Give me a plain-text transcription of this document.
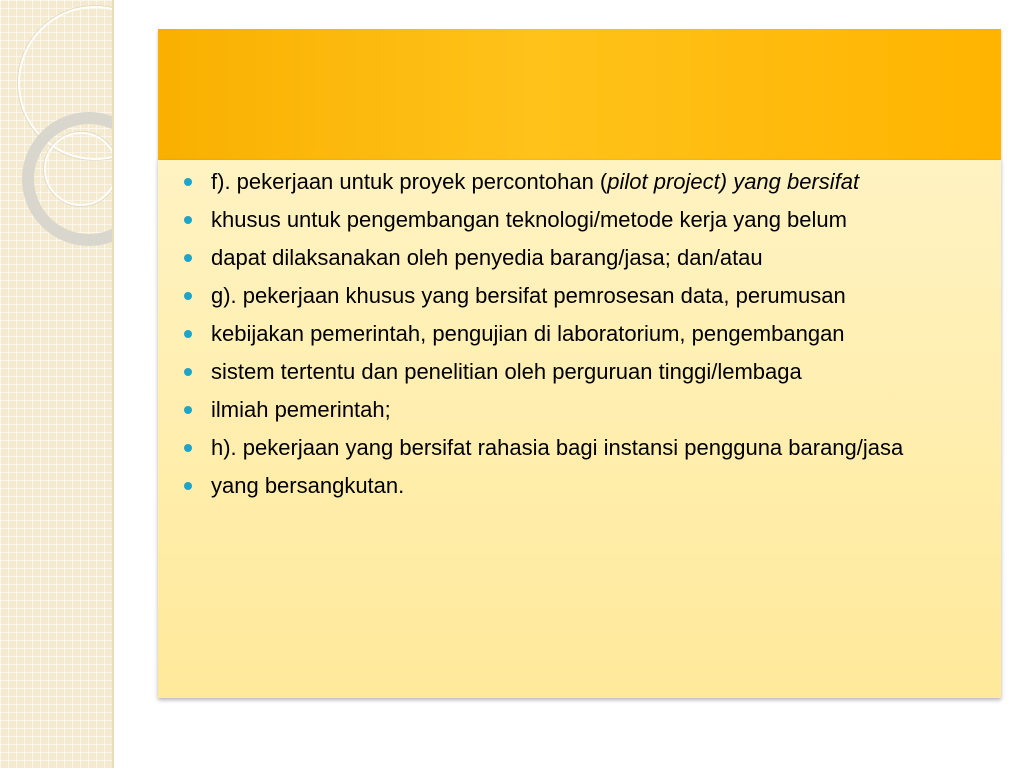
f). pekerjaan untuk proyek percontohan (pilot project) yang bersifat
khusus untuk pengembangan teknologi/metode kerja yang belum
dapat dilaksanakan oleh penyedia barang/jasa; dan/atau
g). pekerjaan khusus yang bersifat pemrosesan data, perumusan
kebijakan pemerintah, pengujian di laboratorium, pengembangan
sistem tertentu dan penelitian oleh perguruan tinggi/lembaga
ilmiah pemerintah;
h). pekerjaan yang bersifat rahasia bagi instansi pengguna barang/jasa
yang bersangkutan.
